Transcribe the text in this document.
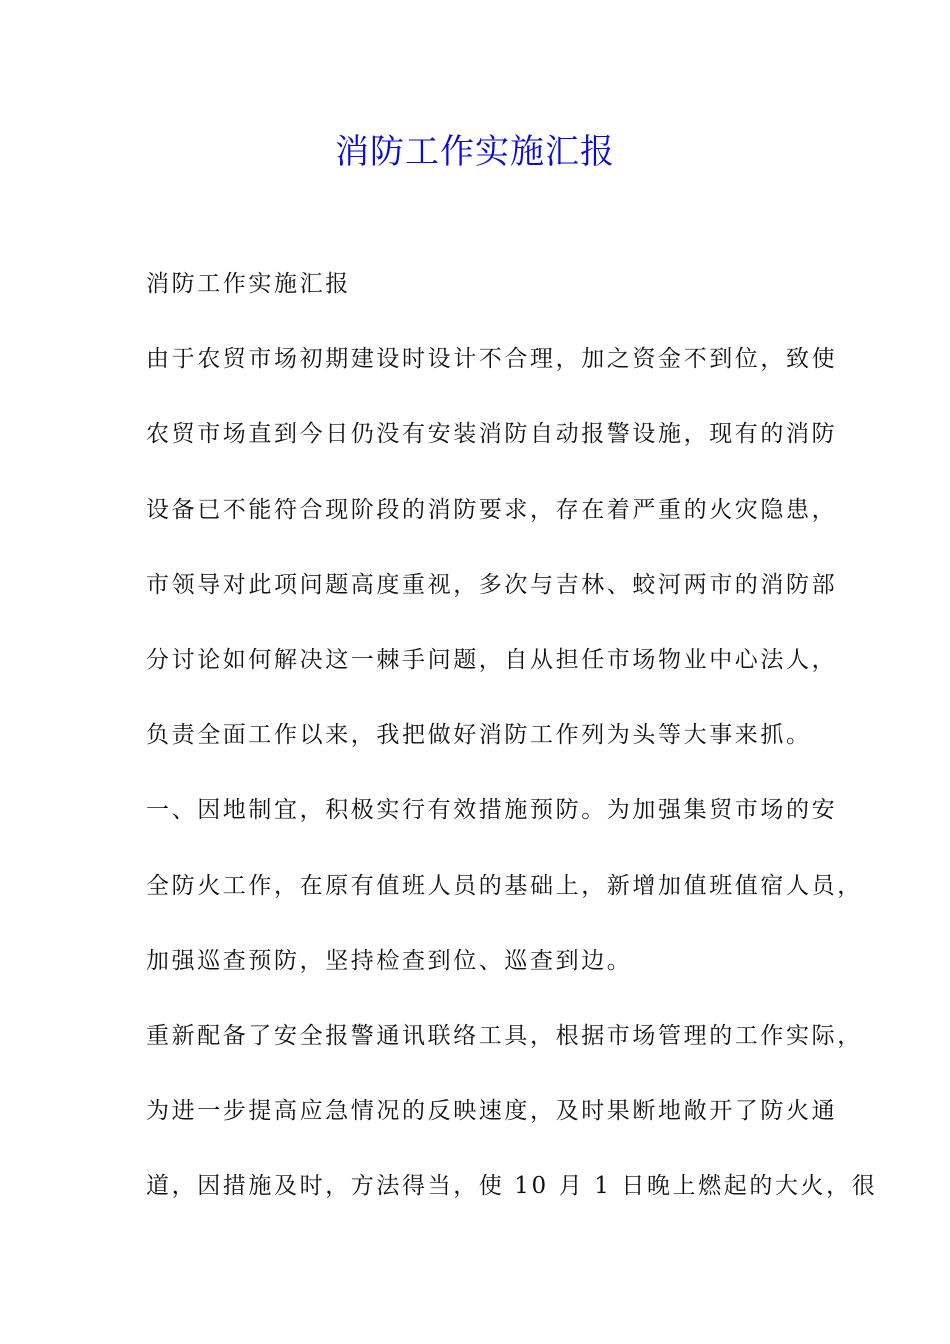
消防工作实施汇报
消防工作实施汇报
由于农贸市场初期建设时设计不合理，加之资金不到位，致使
农贸市场直到今日仍没有安装消防自动报警设施，现有的消防
设备已不能符合现阶段的消防要求，存在着严重的火灾隐患，
市领导对此项问题高度重视，多次与吉林、蛟河两市的消防部
分讨论如何解决这一棘手问题，自从担任市场物业中心法人，
负责全面工作以来，我把做好消防工作列为头等大事来抓。
一、因地制宜，积极实行有效措施预防。为加强集贸市场的安
全防火工作，在原有值班人员的基础上，新增加值班值宿人员，
加强巡查预防，坚持检查到位、巡查到边。
重新配备了安全报警通讯联络工具，根据市场管理的工作实际，
为进一步提高应急情况的反映速度，及时果断地敞开了防火通
道，因措施及时，方法得当，使 10 月 1 日晚上燃起的大火，很
